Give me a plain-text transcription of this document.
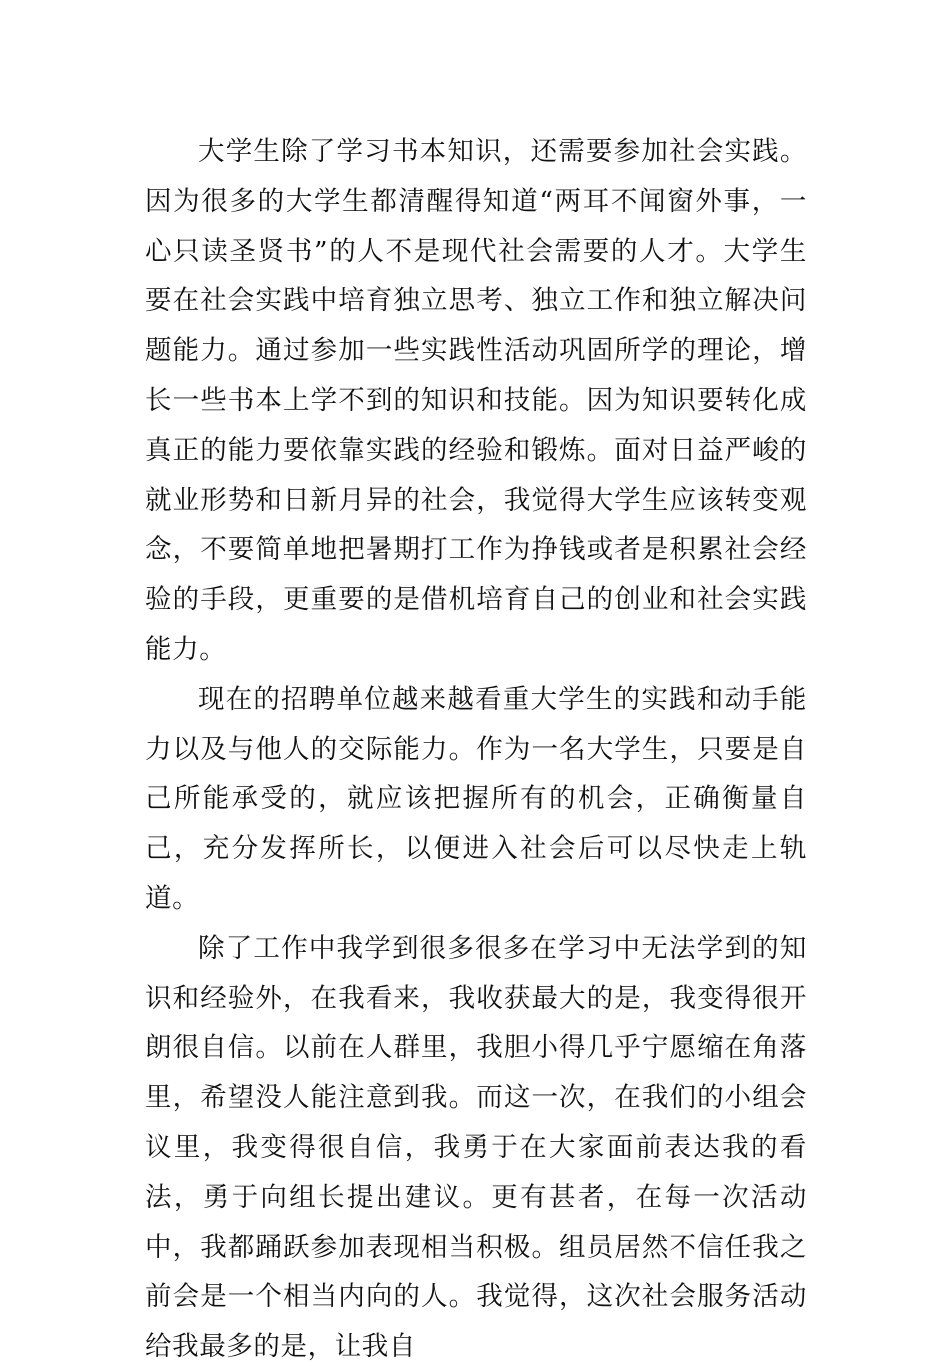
大学生除了学习书本知识，还需要参加社会实践。因为很多的大学生都清醒得知道“两耳不闻窗外事，一心只读圣贤书”的人不是现代社会需要的人才。大学生要在社会实践中培育独立思考、独立工作和独立解决问题能力。通过参加一些实践性活动巩固所学的理论，增长一些书本上学不到的知识和技能。因为知识要转化成真正的能力要依靠实践的经验和锻炼。面对日益严峻的就业形势和日新月异的社会，我觉得大学生应该转变观念，不要简单地把暑期打工作为挣钱或者是积累社会经验的手段，更重要的是借机培育自己的创业和社会实践能力。

现在的招聘单位越来越看重大学生的实践和动手能力以及与他人的交际能力。作为一名大学生，只要是自己所能承受的，就应该把握所有的机会，正确衡量自己，充分发挥所长，以便进入社会后可以尽快走上轨道。

除了工作中我学到很多很多在学习中无法学到的知识和经验外，在我看来，我收获最大的是，我变得很开朗很自信。以前在人群里，我胆小得几乎宁愿缩在角落里，希望没人能注意到我。而这一次，在我们的小组会议里，我变得很自信，我勇于在大家面前表达我的看法，勇于向组长提出建议。更有甚者，在每一次活动中，我都踊跃参加表现相当积极。组员居然不信任我之前会是一个相当内向的人。我觉得，这次社会服务活动给我最多的是，让我自
